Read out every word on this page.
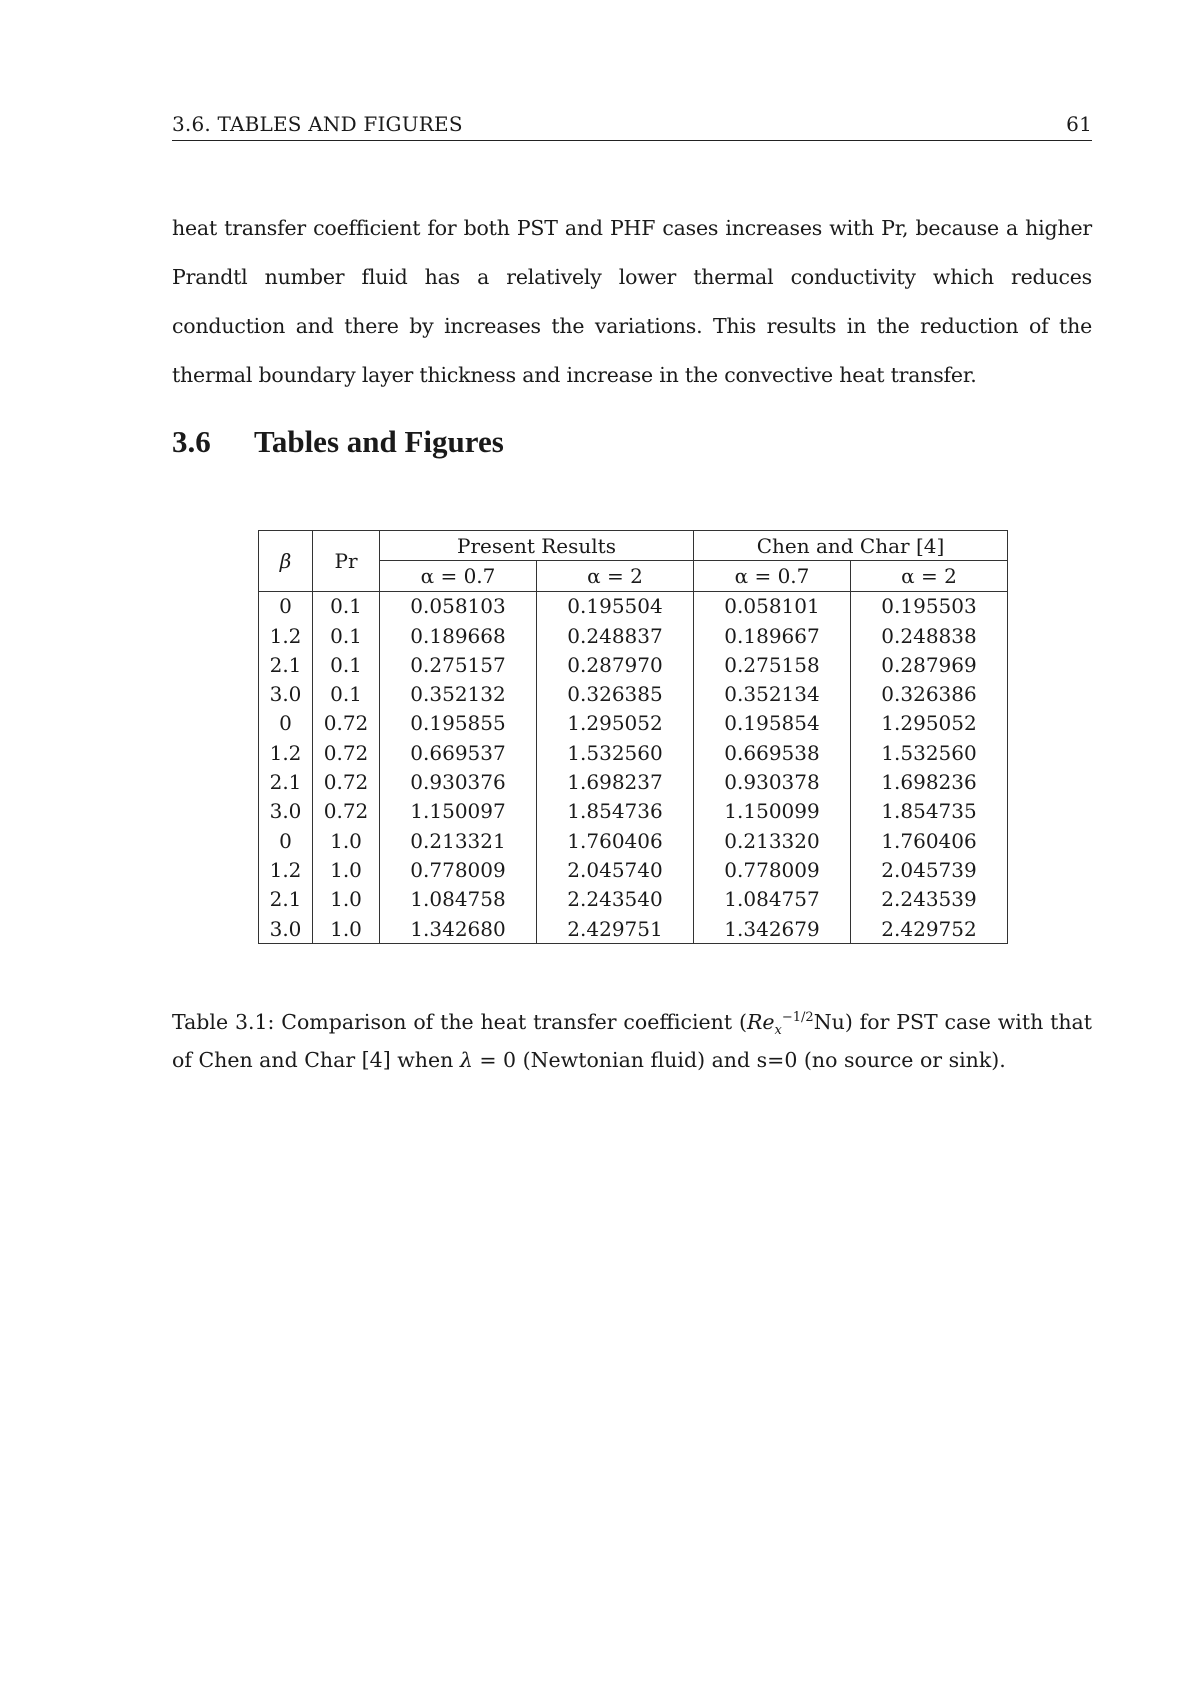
3.6. TABLES AND FIGURES	61

heat transfer coefficient for both PST and PHF cases increases with Pr, because a higher Prandtl number fluid has a relatively lower thermal conductivity which reduces conduction and there by increases the variations. This results in the reduction of the thermal boundary layer thickness and increase in the convective heat transfer.

3.6 Tables and Figures
β	Pr	Present Results		Chen and Char [4]	
		α = 0.7	α = 2	α = 0.7	α = 2
0	0.1	0.058103	0.195504	0.058101	0.195503
1.2	0.1	0.189668	0.248837	0.189667	0.248838
2.1	0.1	0.275157	0.287970	0.275158	0.287969
3.0	0.1	0.352132	0.326385	0.352134	0.326386
0	0.72	0.195855	1.295052	0.195854	1.295052
1.2	0.72	0.669537	1.532560	0.669538	1.532560
2.1	0.72	0.930376	1.698237	0.930378	1.698236
3.0	0.72	1.150097	1.854736	1.150099	1.854735
0	1.0	0.213321	1.760406	0.213320	1.760406
1.2	1.0	0.778009	2.045740	0.778009	2.045739
2.1	1.0	1.084758	2.243540	1.084757	2.243539
3.0	1.0	1.342680	2.429751	1.342679	2.429752

Table 3.1: Comparison of the heat transfer coefficient $(Re_x^{-1/2}Nu)$ for PST case with that of Chen and Char [4] when λ = 0 (Newtonian fluid) and s=0 (no source or sink).
